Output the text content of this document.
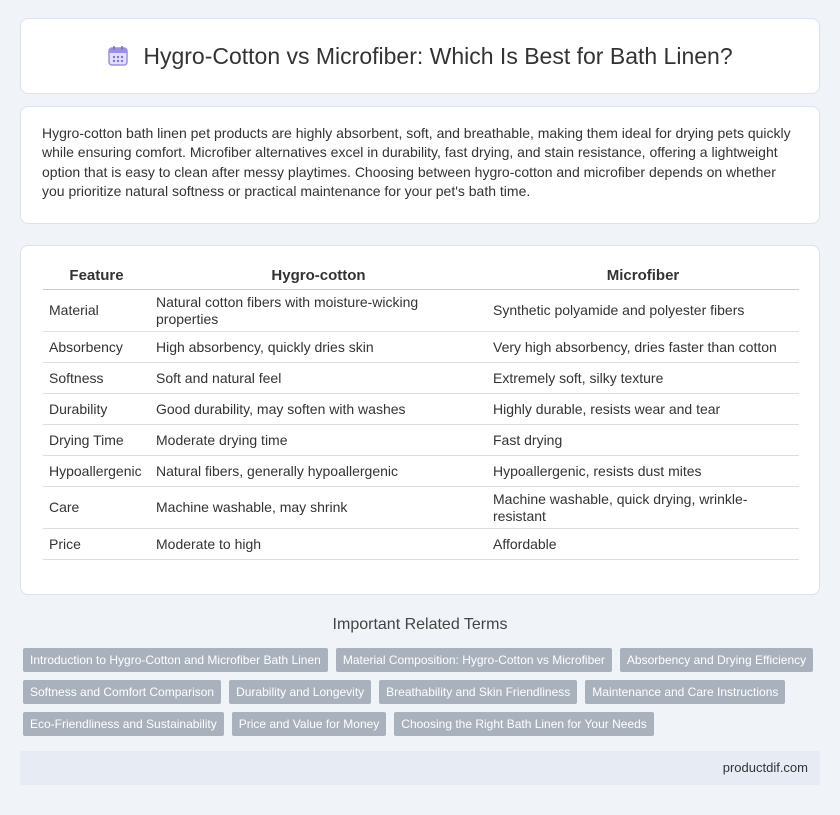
Hygro-Cotton vs Microfiber: Which Is Best for Bath Linen?

Hygro-cotton bath linen pet products are highly absorbent, soft, and breathable, making them ideal for drying pets quickly while ensuring comfort. Microfiber alternatives excel in durability, fast drying, and stain resistance, offering a lightweight option that is easy to clean after messy playtimes. Choosing between hygro-cotton and microfiber depends on whether you prioritize natural softness or practical maintenance for your pet's bath time.

Feature	Hygro-cotton	Microfiber
Material	Natural cotton fibers with moisture-wicking properties	Synthetic polyamide and polyester fibers
Absorbency	High absorbency, quickly dries skin	Very high absorbency, dries faster than cotton
Softness	Soft and natural feel	Extremely soft, silky texture
Durability	Good durability, may soften with washes	Highly durable, resists wear and tear
Drying Time	Moderate drying time	Fast drying
Hypoallergenic	Natural fibers, generally hypoallergenic	Hypoallergenic, resists dust mites
Care	Machine washable, may shrink	Machine washable, quick drying, wrinkle-resistant
Price	Moderate to high	Affordable
Important Related Terms
Introduction to Hygro-Cotton and Microfiber Bath Linen	Material Composition: Hygro-Cotton vs Microfiber	Absorbency and Drying Efficiency
Softness and Comfort Comparison	Durability and Longevity	Breathability and Skin Friendliness	Maintenance and Care Instructions
Eco-Friendliness and Sustainability	Price and Value for Money	Choosing the Right Bath Linen for Your Needs
productdif.com
